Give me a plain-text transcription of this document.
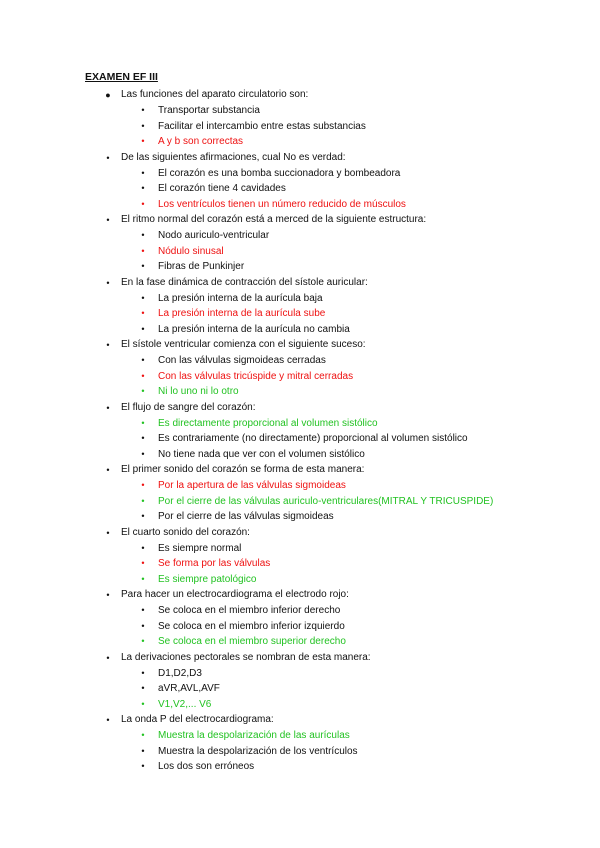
EXAMEN EF III
● Las funciones del aparato circulatorio son:
•	Transportar substancia
•	Facilitar el intercambio entre estas substancias
•	A y b son correctas
•	De las siguientes afirmaciones, cual No es verdad:
•	El corazón es una bomba succionadora y bombeadora
•	El corazón tiene 4 cavidades
•	Los ventrículos tienen un número reducido de músculos
•	El ritmo normal del corazón está a merced de la siguiente estructura:
•	Nodo auriculo-ventricular
•	Nódulo sinusal
•	Fibras de Punkinjer
•	En la fase dinámica de contracción del sístole auricular:
•	La presión interna de la aurícula baja
•	La presión interna de la aurícula sube
•	La presión interna de la aurícula no cambia
•	El sístole ventricular comienza con el siguiente suceso:
•	Con las válvulas sigmoideas cerradas
•	Con las válvulas tricúspide y mitral cerradas
•	Ni lo uno ni lo otro
•	El flujo de sangre del corazón:
•	Es directamente proporcional al volumen sistólico
•	Es contrariamente (no directamente) proporcional al volumen sistólico
•	No tiene nada que ver con el volumen sistólico
•	El primer sonido del corazón se forma de esta manera:
•	Por la apertura de las válvulas sigmoideas
•	Por el cierre de las válvulas auriculo-ventriculares(MITRAL Y TRICUSPIDE)
•	Por el cierre de las válvulas sigmoideas
•	El cuarto sonido del corazón:
•	Es siempre normal
•	Se forma por las válvulas
•	Es siempre patológico
•	Para hacer un electrocardiograma el electrodo rojo:
•	Se coloca en el miembro inferior derecho
•	Se coloca en el miembro inferior izquierdo
•	Se coloca en el miembro superior derecho
•	La derivaciones pectorales se nombran de esta manera:
•	D1,D2,D3
•	aVR,AVL,AVF
•	V1,V2,... V6
•	La onda P del electrocardiograma:
•	Muestra la despolarización de las aurículas
•	Muestra la despolarización de los ventrículos
•	Los dos son erróneos
